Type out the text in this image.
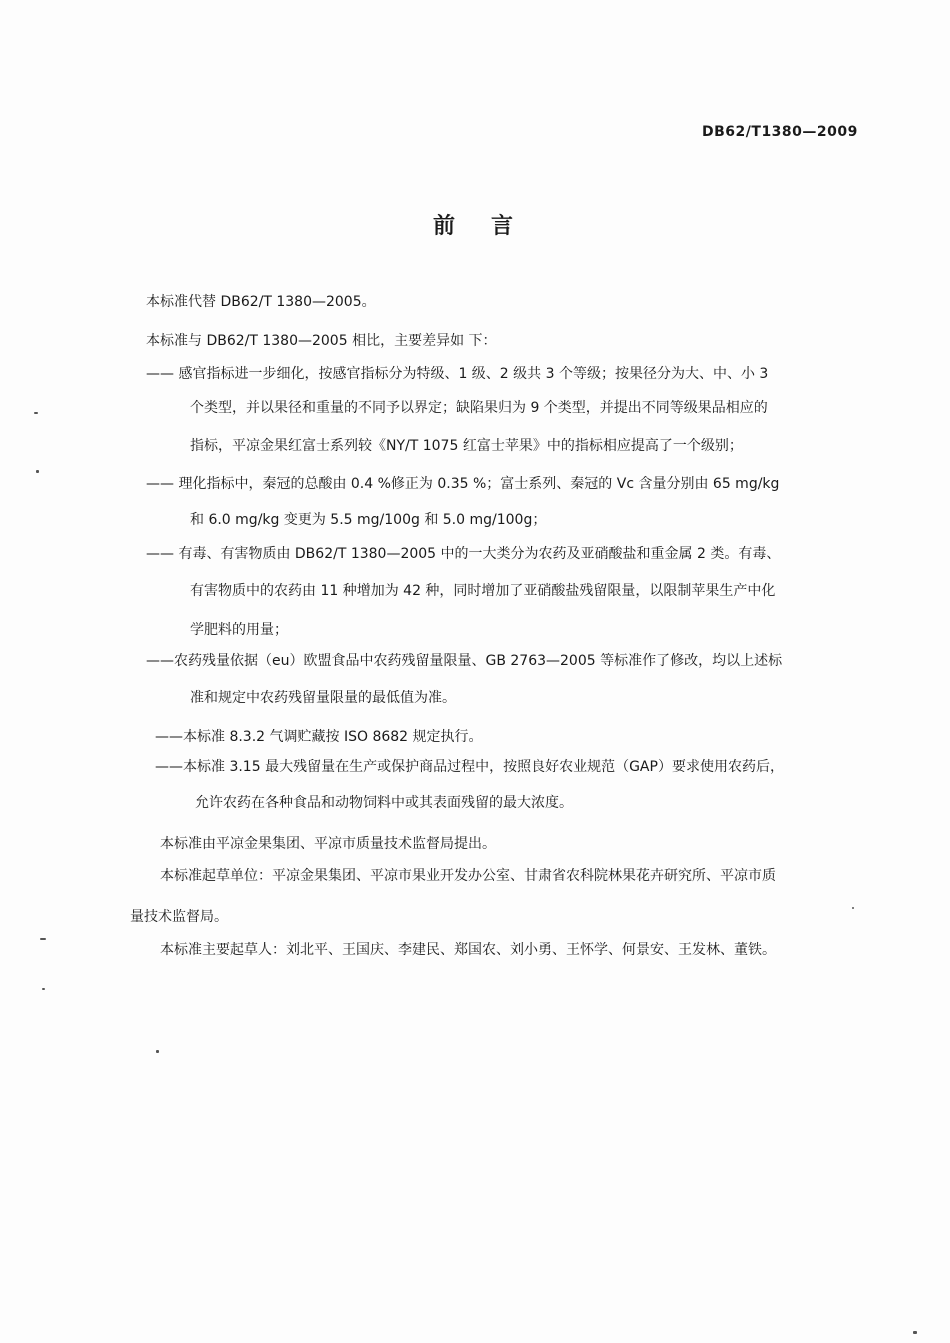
DB62/T1380—2009
前言
本标准代替 DB62/T 1380—2005。
本标准与 DB62/T 1380—2005 相比，主要差异如 下：
—— 感官指标进一步细化，按感官指标分为特级、1 级、2 级共 3 个等级；按果径分为大、中、小 3
个类型，并以果径和重量的不同予以界定；缺陷果归为 9 个类型，并提出不同等级果品相应的
指标，平凉金果红富士系列较《NY/T 1075 红富士苹果》中的指标相应提高了一个级别；
—— 理化指标中，秦冠的总酸由 0.4 %修正为 0.35 %；富士系列、秦冠的 Vc 含量分别由 65 mg/kg
和 6.0 mg/kg 变更为 5.5 mg/100g 和 5.0 mg/100g；
—— 有毒、有害物质由 DB62/T 1380—2005 中的一大类分为农药及亚硝酸盐和重金属 2 类。有毒、
有害物质中的农药由 11 种增加为 42 种，同时增加了亚硝酸盐残留限量，以限制苹果生产中化
学肥料的用量；
——农药残量依据（eu）欧盟食品中农药残留量限量、GB 2763—2005 等标准作了修改，均以上述标
准和规定中农药残留量限量的最低值为准。
——本标准 8.3.2 气调贮藏按 ISO 8682 规定执行。
——本标准 3.15 最大残留量在生产或保护商品过程中，按照良好农业规范（GAP）要求使用农药后，
允许农药在各种食品和动物饲料中或其表面残留的最大浓度。
本标准由平凉金果集团、平凉市质量技术监督局提出。
本标准起草单位：平凉金果集团、平凉市果业开发办公室、甘肃省农科院林果花卉研究所、平凉市质
量技术监督局。
本标准主要起草人：刘北平、王国庆、李建民、郑国农、刘小勇、王怀学、何景安、王发林、董铁。
